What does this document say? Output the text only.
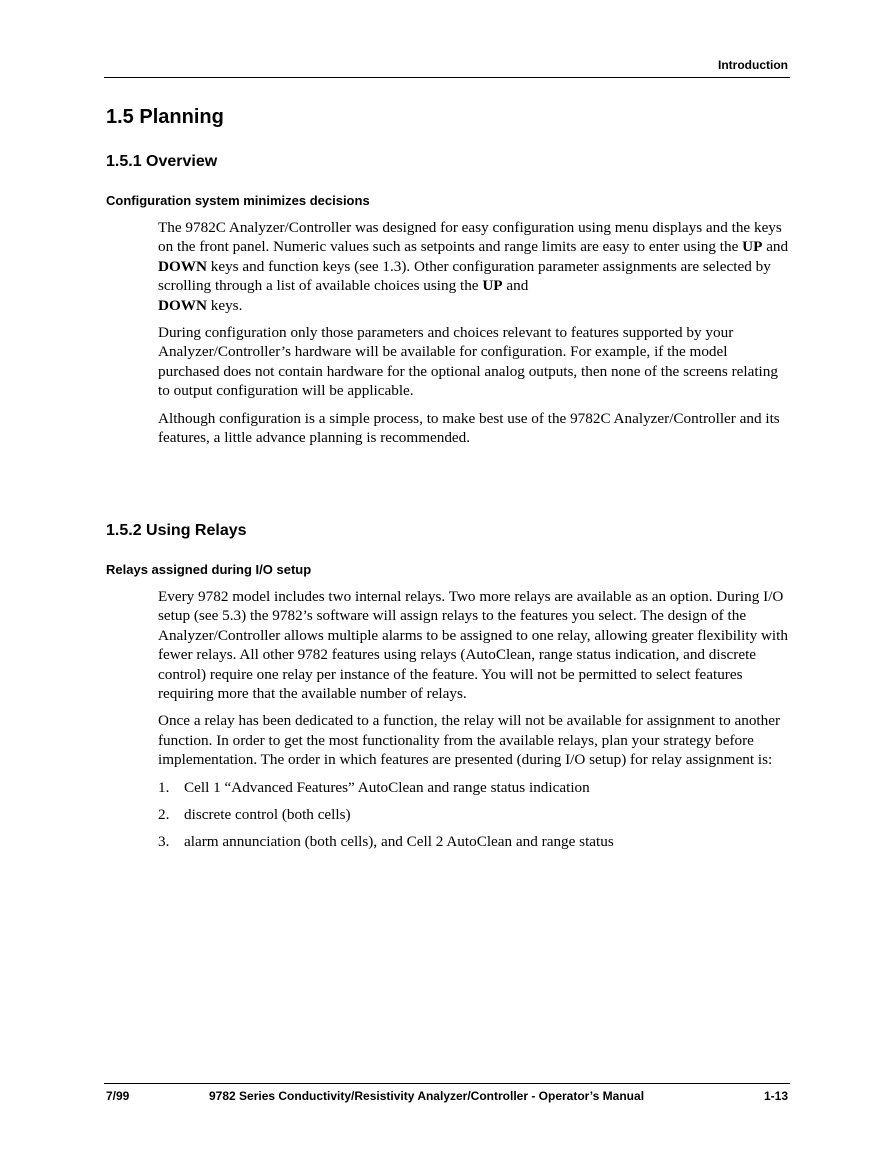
Introduction
1.5 Planning
1.5.1 Overview
Configuration system minimizes decisions

The 9782C Analyzer/Controller was designed for easy configuration using menu displays and the keys on the front panel. Numeric values such as setpoints and range limits are easy to enter using the UP and DOWN keys and function keys (see 1.3). Other configuration parameter assignments are selected by scrolling through a list of available choices using the UP and
DOWN keys.

During configuration only those parameters and choices relevant to features supported by your Analyzer/Controller’s hardware will be available for configuration. For example, if the model purchased does not contain hardware for the optional analog outputs, then none of the screens relating to output configuration will be applicable.

Although configuration is a simple process, to make best use of the 9782C Analyzer/Controller and its features, a little advance planning is recommended.

1.5.2 Using Relays
Relays assigned during I/O setup

Every 9782 model includes two internal relays. Two more relays are available as an option. During I/O setup (see 5.3) the 9782’s software will assign relays to the features you select. The design of the Analyzer/Controller allows multiple alarms to be assigned to one relay, allowing greater flexibility with fewer relays. All other 9782 features using relays (AutoClean, range status indication, and discrete control) require one relay per instance of the feature. You will not be permitted to select features requiring more that the available number of relays.

Once a relay has been dedicated to a function, the relay will not be available for assignment to another function. In order to get the most functionality from the available relays, plan your strategy before implementation. The order in which features are presented (during I/O setup) for relay assignment is:

1. Cell 1 “Advanced Features” AutoClean and range status indication
2. discrete control (both cells)
3. alarm annunciation (both cells), and Cell 2 AutoClean and range status
7/99	9782 Series Conductivity/Resistivity Analyzer/Controller - Operator’s Manual	1-13
